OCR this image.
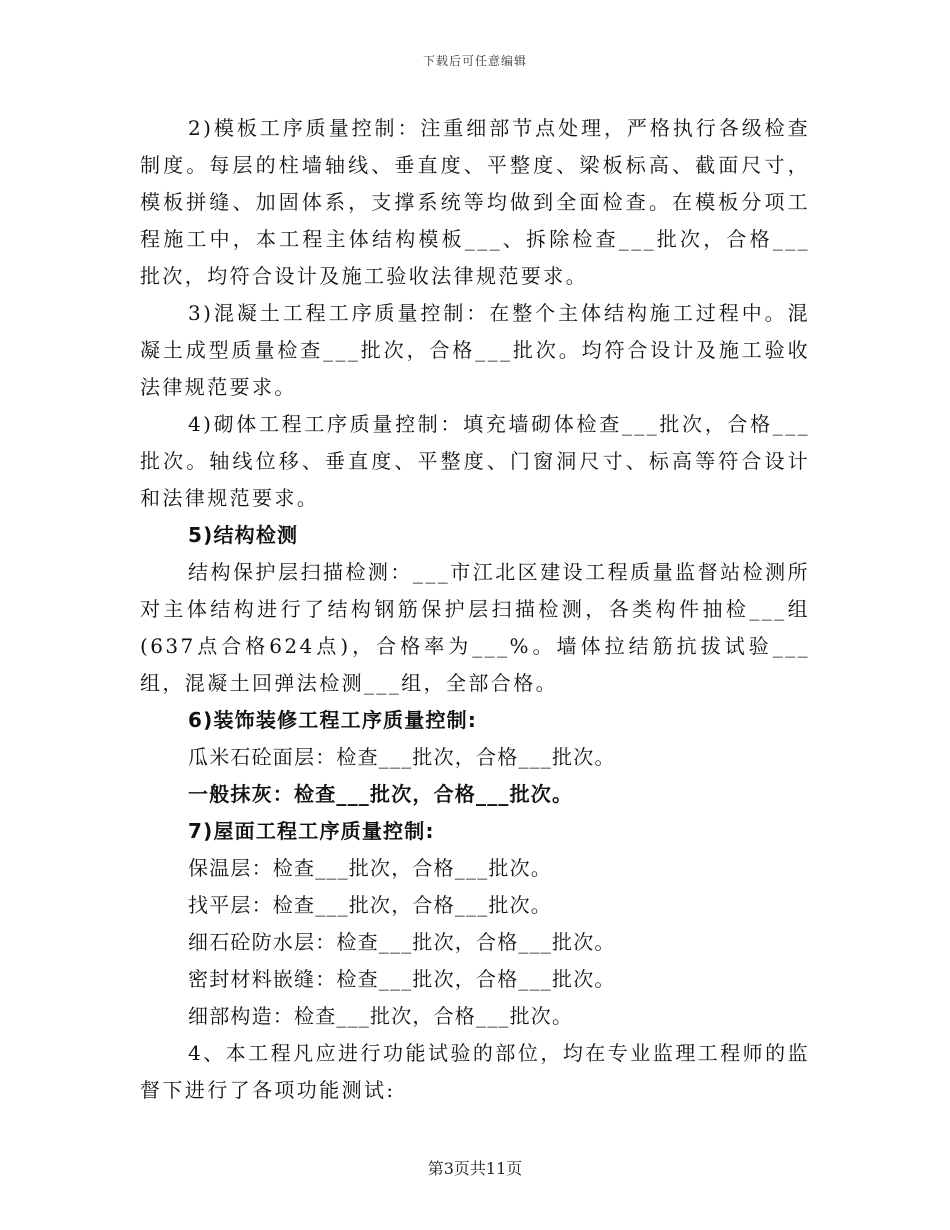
下载后可任意编辑

2)模板工序质量控制：注重细部节点处理，严格执行各级检查制度。每层的柱墙轴线、垂直度、平整度、梁板标高、截面尺寸，模板拼缝、加固体系，支撑系统等均做到全面检查。在模板分项工程施工中，本工程主体结构模板___、拆除检查___批次，合格___批次，均符合设计及施工验收法律规范要求。

3)混凝土工程工序质量控制：在整个主体结构施工过程中。混凝土成型质量检查___批次，合格___批次。均符合设计及施工验收法律规范要求。

4)砌体工程工序质量控制：填充墙砌体检查___批次，合格___批次。轴线位移、垂直度、平整度、门窗洞尺寸、标高等符合设计和法律规范要求。

5)结构检测

结构保护层扫描检测：___市江北区建设工程质量监督站检测所对主体结构进行了结构钢筋保护层扫描检测，各类构件抽检___组(637点合格624点)，合格率为___%。墙体拉结筋抗拔试验___组，混凝土回弹法检测___组，全部合格。

6)装饰装修工程工序质量控制:

瓜米石砼面层：检查___批次，合格___批次。

一般抹灰：检查___批次，合格___批次。

7)屋面工程工序质量控制:

保温层：检查___批次，合格___批次。

找平层：检查___批次，合格___批次。

细石砼防水层：检查___批次，合格___批次。

密封材料嵌缝：检查___批次，合格___批次。

细部构造：检查___批次，合格___批次。

4、本工程凡应进行功能试验的部位，均在专业监理工程师的监督下进行了各项功能测试:

第3页共11页
